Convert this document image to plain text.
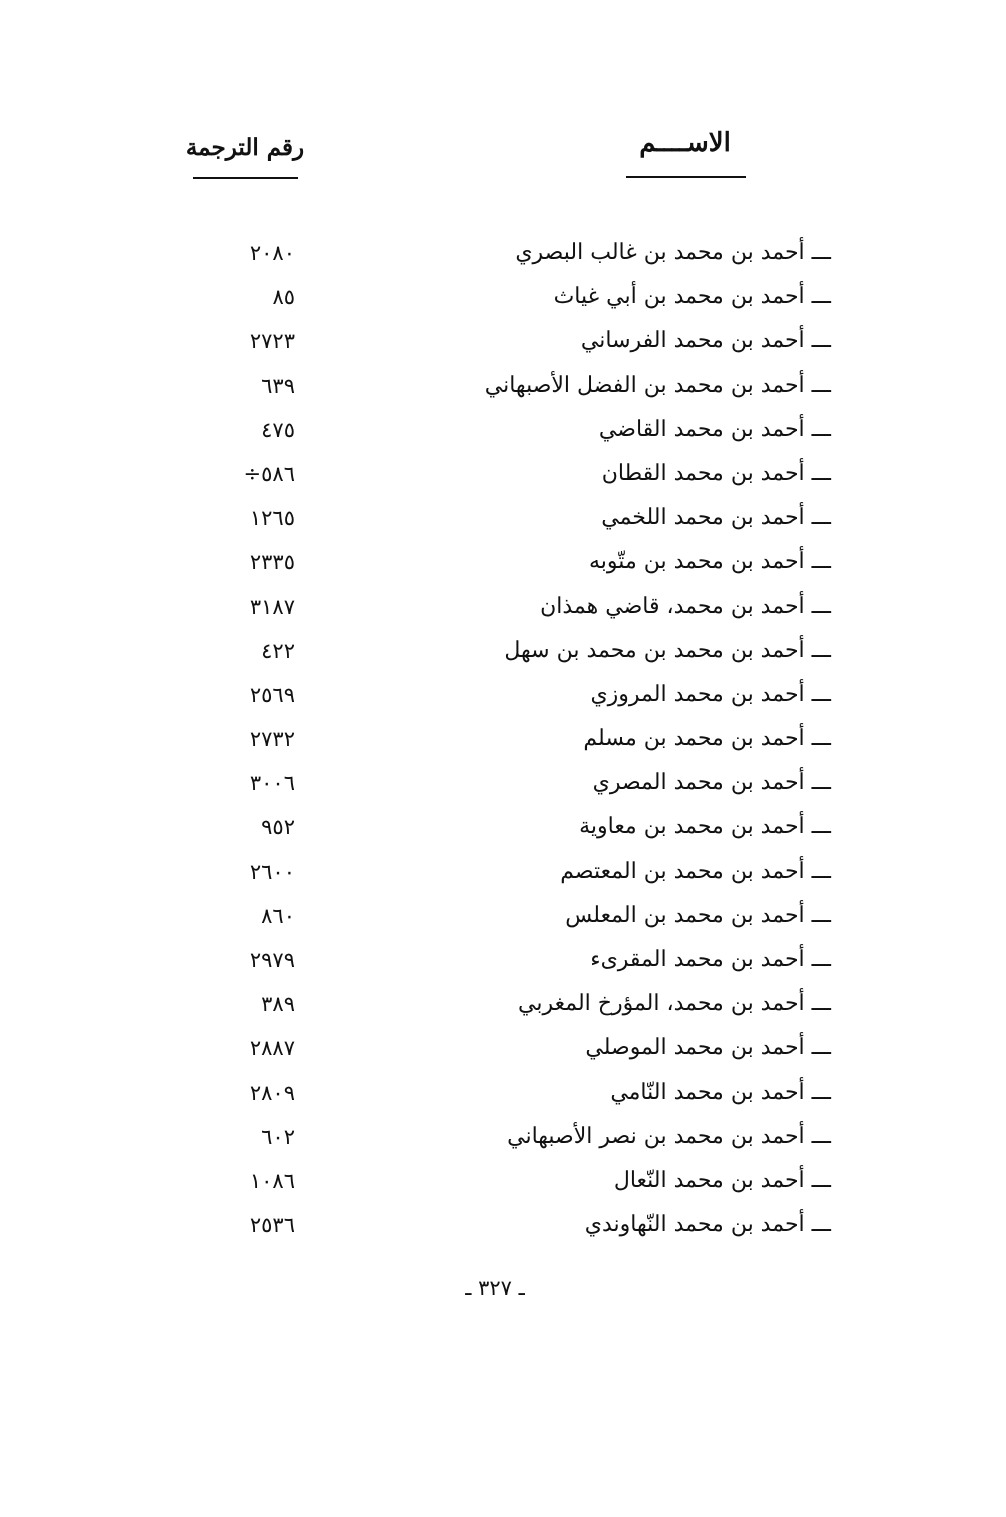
الاســــم
رقم الترجمة
ـــ أحمد بن محمد بن غالب البصري
٢٠٨٠
ـــ أحمد بن محمد بن أبي غياث
٨٥
ـــ أحمد بن محمد الفرساني
٢٧٢٣
ـــ أحمد بن محمد بن الفضل الأصبهاني
٦٣٩
ـــ أحمد بن محمد القاضي
٤٧٥
ـــ أحمد بن محمد القطان
÷٥٨٦
ـــ أحمد بن محمد اللخمي
١٢٦٥
ـــ أحمد بن محمد بن متّوبه
٢٣٣٥
ـــ أحمد بن محمد، قاضي همذان
٣١٨٧
ـــ أحمد بن محمد بن محمد بن سهل
٤٢٢
ـــ أحمد بن محمد المروزي
٢٥٦٩
ـــ أحمد بن محمد بن مسلم
٢٧٣٢
ـــ أحمد بن محمد المصري
٣٠٠٦
ـــ أحمد بن محمد بن معاوية
٩٥٢
ـــ أحمد بن محمد بن المعتصم
٢٦٠٠
ـــ أحمد بن محمد بن المعلس
٨٦٠
ـــ أحمد بن محمد المقرىء
٢٩٧٩
ـــ أحمد بن محمد، المؤرخ المغربي
٣٨٩
ـــ أحمد بن محمد الموصلي
٢٨٨٧
ـــ أحمد بن محمد النّامي
٢٨٠٩
ـــ أحمد بن محمد بن نصر الأصبهاني
٦٠٢
ـــ أحمد بن محمد النّعال
١٠٨٦
ـــ أحمد بن محمد النّهاوندي
٢٥٣٦
ـ ٣٢٧ ـ
